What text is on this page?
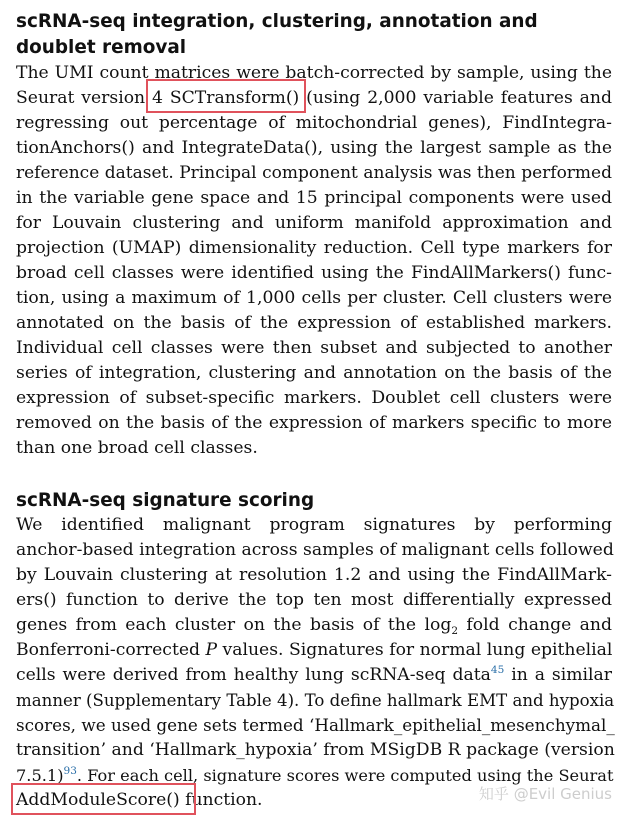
scRNA-seq integration, clustering, annotation and
doublet removal
The UMI count matrices were batch-corrected by sample, using the
Seurat version 4 SCTransform() (using 2,000 variable features and
regressing out percentage of mitochondrial genes), FindIntegra-
tionAnchors() and IntegrateData(), using the largest sample as the
reference dataset. Principal component analysis was then performed
in the variable gene space and 15 principal components were used
for Louvain clustering and uniform manifold approximation and
projection (UMAP) dimensionality reduction. Cell type markers for
broad cell classes were identified using the FindAllMarkers() func-
tion, using a maximum of 1,000 cells per cluster. Cell clusters were
annotated on the basis of the expression of established markers.
Individual cell classes were then subset and subjected to another
series of integration, clustering and annotation on the basis of the
expression of subset-specific markers. Doublet cell clusters were
removed on the basis of the expression of markers specific to more
than one broad cell classes.
scRNA-seq signature scoring
We identified malignant program signatures by performing
anchor-based integration across samples of malignant cells followed
by Louvain clustering at resolution 1.2 and using the FindAllMark-
ers() function to derive the top ten most differentially expressed
genes from each cluster on the basis of the $\log_2$ fold change and
Bonferroni-corrected P values. Signatures for normal lung epithelial
cells were derived from healthy lung scRNA-seq data$^{45}$ in a similar
manner (Supplementary Table 4). To define hallmark EMT and hypoxia
scores, we used gene sets termed ‘Hallmark_epithelial_mesenchymal_
transition’ and ‘Hallmark_hypoxia’ from MSigDB R package (version
7.5.1)$^{93}$. For each cell, signature scores were computed using the Seurat
AddModuleScore() function.	知乎 @Evil Genius
